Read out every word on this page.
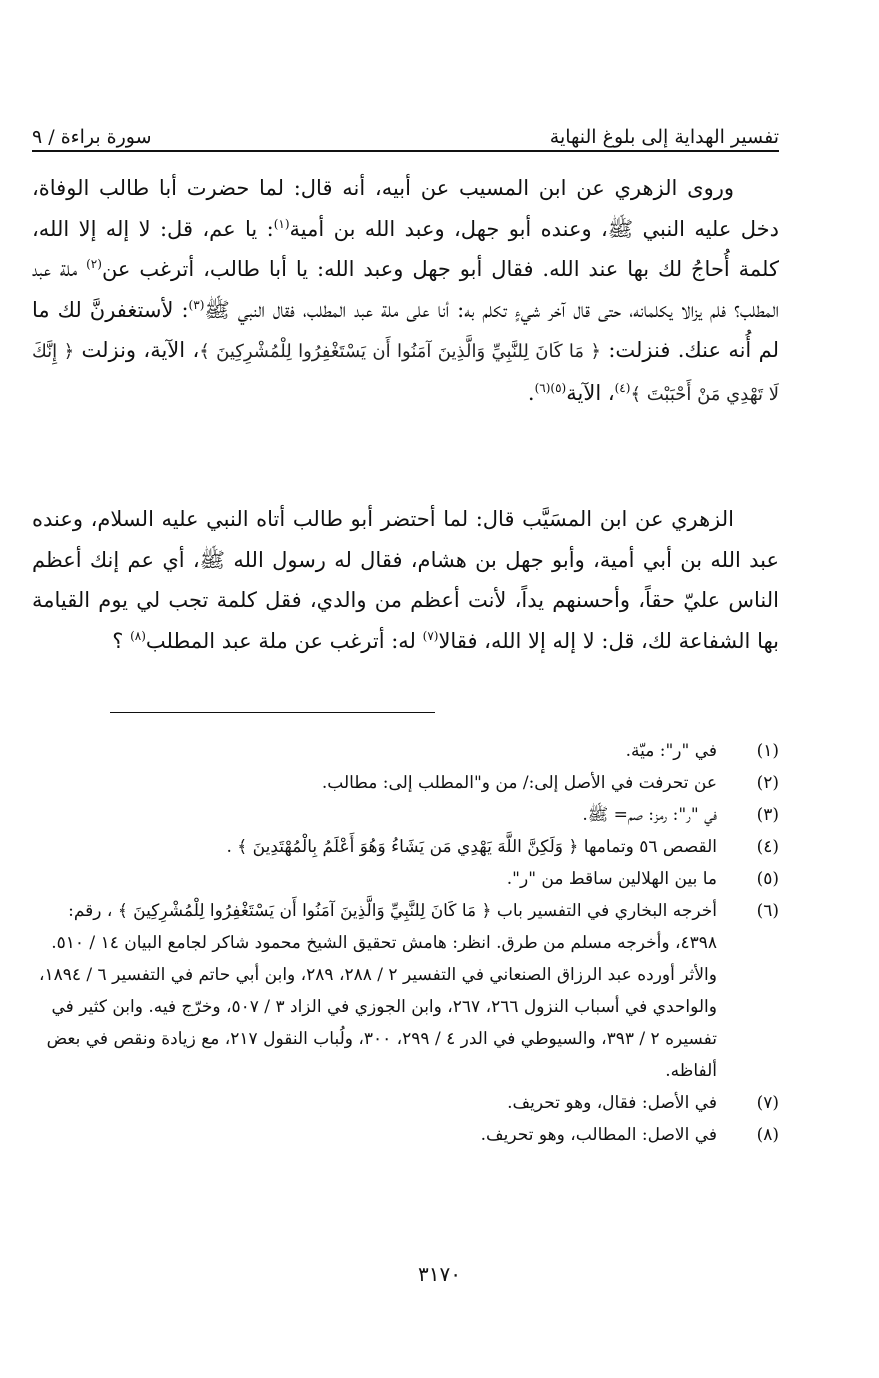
تفسير الهداية إلى بلوغ النهاية
سورة براءة / ٩

وروى الزهري عن ابن المسيب عن أبيه، أنه قال: لما حضرت أبا طالب الوفاة، دخل عليه النبي ﷺ، وعنده أبو جهل، وعبد الله بن أمية$^{(١)}$: يا عم، قل: لا إله إلا الله، كلمة أُحاجُ لك بها عند الله. فقال أبو جهل وعبد الله: يا أبا طالب، أترغب عن$^{(٢)}$ ملة عبد المطلب؟ فلم يزالا يكلمانه، حتى قال آخر شيءٍ تكلم به: أنا على ملة عبد المطلب، فقال النبي ﷺ$^{(٣)}$: لأستغفرنَّ لك ما لم أُنه عنك. فنزلت: ﴿ مَا كَانَ لِلنَّبِيِّ وَالَّذِينَ آمَنُوا أَن يَسْتَغْفِرُوا لِلْمُشْرِكِينَ ﴾، الآية، ونزلت ﴿ إِنَّكَ لَا تَهْدِي مَنْ أَحْبَبْتَ ﴾$^{(٤)}$، الآية$^{(٥)(٦)}$.

الزهري عن ابن المسَيَّب قال: لما أحتضر أبو طالب أتاه النبي عليه السلام، وعنده عبد الله بن أبي أمية، وأبو جهل بن هشام، فقال له رسول الله ﷺ، أي عم إنك أعظم الناس عليّ حقاً، وأحسنهم يداً، لأنت أعظم من والدي، فقل كلمة تجب لي يوم القيامة بها الشفاعة لك، قل: لا إله إلا الله، فقالا$^{(٧)}$ له: أترغب عن ملة عبد المطلب$^{(٨)}$ ؟

(١)
في "ر": ميّة.
(٢)
عن تحرفت في الأصل إلى:/ من و"المطلب إلى: مطالب.
(٣)
في "ر": رمز: صم= ﷺ.
(٤)
القصص ٥٦ وتمامها ﴿ وَلَكِنَّ اللَّهَ يَهْدِي مَن يَشَاءُ وَهُوَ أَعْلَمُ بِالْمُهْتَدِينَ ﴾ .
(٥)
ما بين الهلالين ساقط من "ر".
(٦)
أخرجه البخاري في التفسير باب ﴿ مَا كَانَ لِلنَّبِيِّ وَالَّذِينَ آمَنُوا أَن يَسْتَغْفِرُوا لِلْمُشْرِكِينَ ﴾ ، رقم: ٤٣٩٨، وأخرجه مسلم من طرق. انظر: هامش تحقيق الشيخ محمود شاكر لجامع البيان ١٤ / ٥١٠. والأثر أورده عبد الرزاق الصنعاني في التفسير ٢ / ٢٨٨، ٢٨٩، وابن أبي حاتم في التفسير ٦ / ١٨٩٤، والواحدي في أسباب النزول ٢٦٦، ٢٦٧، وابن الجوزي في الزاد ٣ / ٥٠٧، وخرّج فيه. وابن كثير في تفسيره ٢ / ٣٩٣، والسيوطي في الدر ٤ / ٢٩٩، ٣٠٠، ولُباب النقول ٢١٧، مع زيادة ونقص في بعض ألفاظه.
(٧)
في الأصل: فقال، وهو تحريف.
(٨)
في الاصل: المطالب، وهو تحريف.
٣١٧٠
